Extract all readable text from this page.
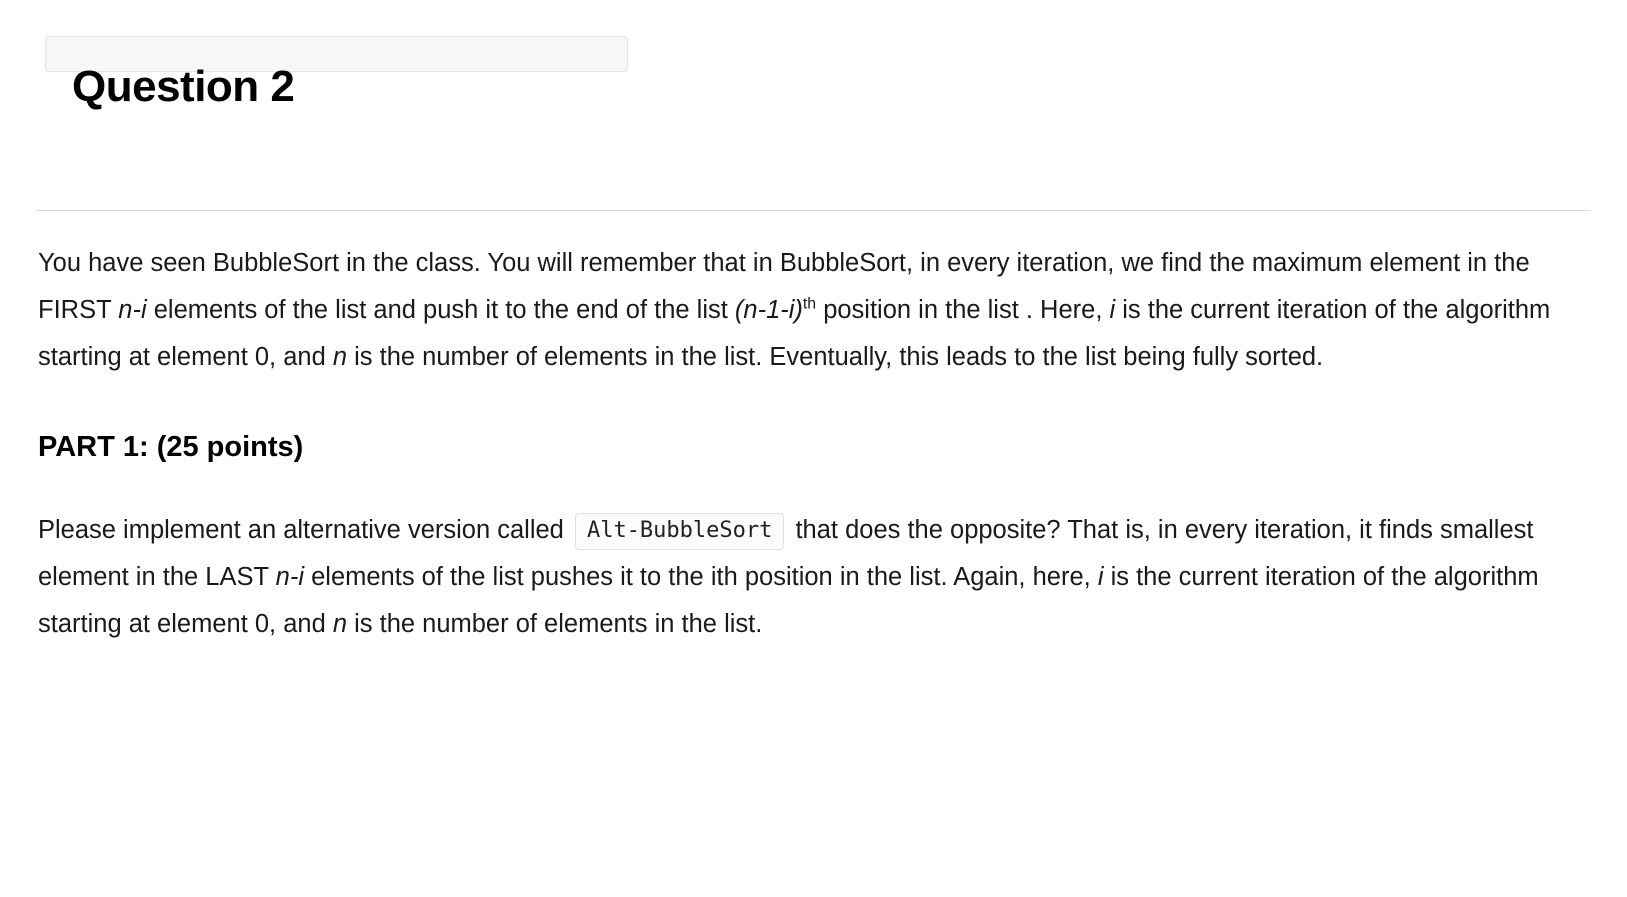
Question 2

You have seen BubbleSort in the class. You will remember that in BubbleSort, in every iteration, we find the maximum element in the FIRST n-i elements of the list and push it to the end of the list $(n-1-i)^{th}$ position in the list . Here, i is the current iteration of the algorithm starting at element 0, and n is the number of elements in the list. Eventually, this leads to the list being fully sorted.

PART 1: (25 points)

Please implement an alternative version called Alt-BubbleSort that does the opposite? That is, in every iteration, it finds smallest element in the LAST n-i elements of the list pushes it to the ith position in the list. Again, here, i is the current iteration of the algorithm starting at element 0, and n is the number of elements in the list.
